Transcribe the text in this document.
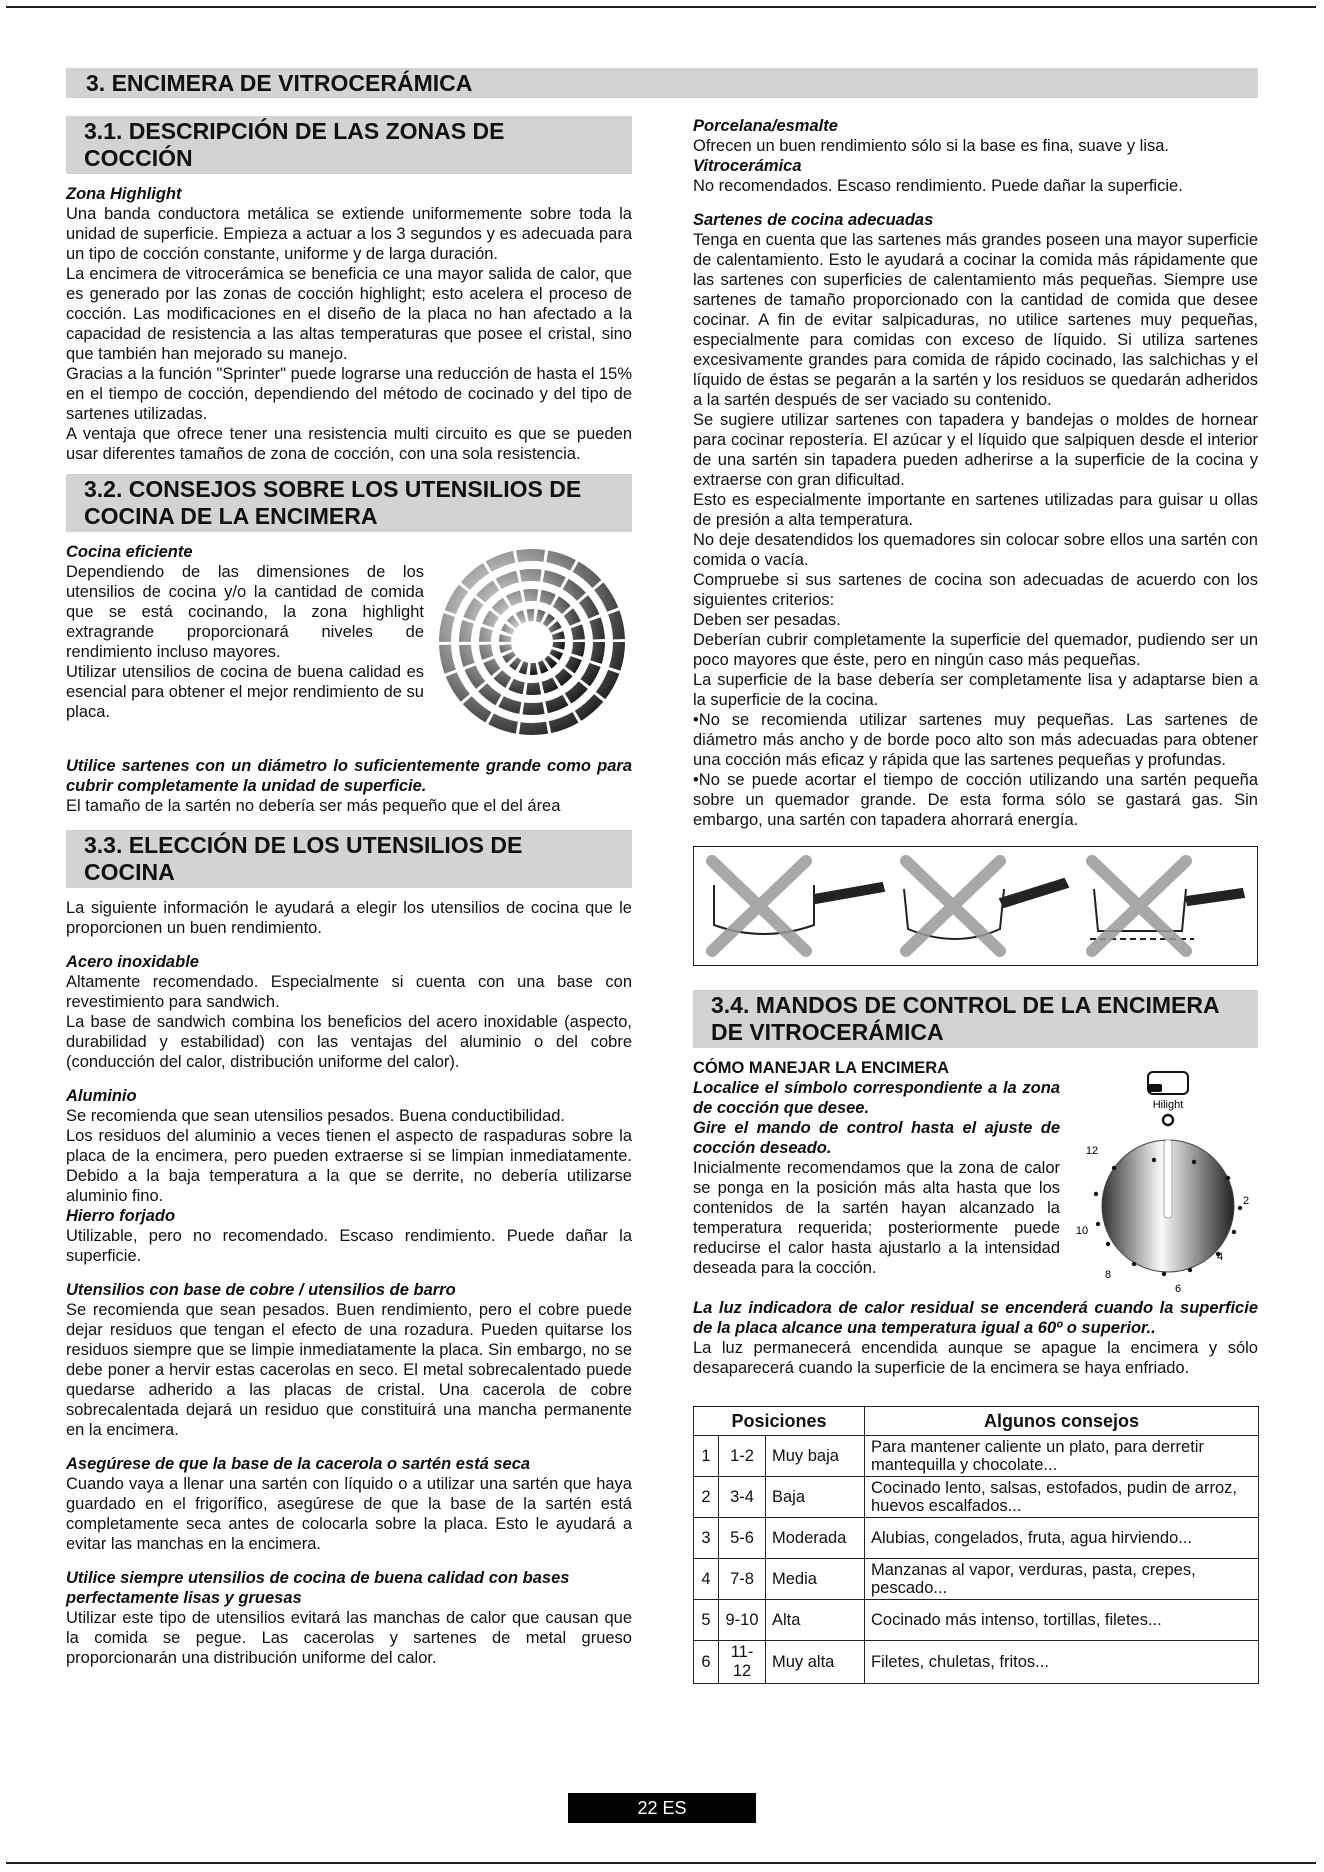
3. ENCIMERA DE VITROCERÁMICA
3.1. DESCRIPCIÓN DE LAS ZONAS DE COCCIÓN

Zona Highlight

Una banda conductora metálica se extiende uniformemente sobre toda la unidad de superficie. Empieza a actuar a los 3 segundos y es adecuada para un tipo de cocción constante, uniforme y de larga duración.

La encimera de vitrocerámica se beneficia ce una mayor salida de calor, que es generado por las zonas de cocción highlight; esto acelera el proceso de cocción. Las modificaciones en el diseño de la placa no han afectado a la capacidad de resistencia a las altas temperaturas que posee el cristal, sino que también han mejorado su manejo.

Gracias a la función "Sprinter" puede lograrse una reducción de hasta el 15% en el tiempo de cocción, dependiendo del método de cocinado y del tipo de sartenes utilizadas.

A ventaja que ofrece tener una resistencia multi circuito es que se pueden usar diferentes tamaños de zona de cocción, con una sola resistencia.

3.2. CONSEJOS SOBRE LOS UTENSILIOS DE COCINA DE LA ENCIMERA

Cocina eficiente

Dependiendo de las dimensiones de los utensilios de cocina y/o la cantidad de comida que se está cocinando, la zona highlight extragrande proporcionará niveles de rendimiento incluso mayores.

Utilizar utensilios de cocina de buena calidad es esencial para obtener el mejor rendimiento de su placa.

Utilice sartenes con un diámetro lo suficientemente grande como para cubrir completamente la unidad de superficie.

El tamaño de la sartén no debería ser más pequeño que el del área

3.3. ELECCIÓN DE LOS UTENSILIOS DE COCINA

La siguiente información le ayudará a elegir los utensilios de cocina que le proporcionen un buen rendimiento.

Acero inoxidable

Altamente recomendado. Especialmente si cuenta con una base con revestimiento para sandwich.

La base de sandwich combina los beneficios del acero inoxidable (aspecto, durabilidad y estabilidad) con las ventajas del aluminio o del cobre (conducción del calor, distribución uniforme del calor).

Aluminio

Se recomienda que sean utensilios pesados. Buena conductibilidad.

Los residuos del aluminio a veces tienen el aspecto de raspaduras sobre la placa de la encimera, pero pueden extraerse si se limpian inmediatamente. Debido a la baja temperatura a la que se derrite, no debería utilizarse aluminio fino.

Hierro forjado

Utilizable, pero no recomendado. Escaso rendimiento. Puede dañar la superficie.

Utensilios con base de cobre / utensilios de barro

Se recomienda que sean pesados. Buen rendimiento, pero el cobre puede dejar residuos que tengan el efecto de una rozadura. Pueden quitarse los residuos siempre que se limpie inmediatamente la placa. Sin embargo, no se debe poner a hervir estas cacerolas en seco. El metal sobrecalentado puede quedarse adherido a las placas de cristal. Una cacerola de cobre sobrecalentada dejará un residuo que constituirá una mancha permanente en la encimera.

Asegúrese de que la base de la cacerola o sartén está seca

Cuando vaya a llenar una sartén con líquido o a utilizar una sartén que haya guardado en el frigorífico, asegúrese de que la base de la sartén está completamente seca antes de colocarla sobre la placa. Esto le ayudará a evitar las manchas en la encimera.

Utilice siempre utensilios de cocina de buena calidad con bases perfectamente lisas y gruesas

Utilizar este tipo de utensilios evitará las manchas de calor que causan que la comida se pegue. Las cacerolas y sartenes de metal grueso proporcionarán una distribución uniforme del calor.

Porcelana/esmalte

Ofrecen un buen rendimiento sólo si la base es fina, suave y lisa.

Vitrocerámica

No recomendados. Escaso rendimiento. Puede dañar la superficie.

Sartenes de cocina adecuadas

Tenga en cuenta que las sartenes más grandes poseen una mayor superficie de calentamiento. Esto le ayudará a cocinar la comida más rápidamente que las sartenes con superficies de calentamiento más pequeñas. Siempre use sartenes de tamaño proporcionado con la cantidad de comida que desee cocinar. A fin de evitar salpicaduras, no utilice sartenes muy pequeñas, especialmente para comidas con exceso de líquido. Si utiliza sartenes excesivamente grandes para comida de rápido cocinado, las salchichas y el líquido de éstas se pegarán a la sartén y los residuos se quedarán adheridos a la sartén después de ser vaciado su contenido.

Se sugiere utilizar sartenes con tapadera y bandejas o moldes de hornear para cocinar repostería. El azúcar y el líquido que salpiquen desde el interior de una sartén sin tapadera pueden adherirse a la superficie de la cocina y extraerse con gran dificultad.

Esto es especialmente importante en sartenes utilizadas para guisar u ollas de presión a alta temperatura.

No deje desatendidos los quemadores sin colocar sobre ellos una sartén con comida o vacía.

Compruebe si sus sartenes de cocina son adecuadas de acuerdo con los siguientes criterios:

Deben ser pesadas.

Deberían cubrir completamente la superficie del quemador, pudiendo ser un poco mayores que éste, pero en ningún caso más pequeñas.

La superficie de la base debería ser completamente lisa y adaptarse bien a la superficie de la cocina.

•No se recomienda utilizar sartenes muy pequeñas. Las sartenes de diámetro más ancho y de borde poco alto son más adecuadas para obtener una cocción más eficaz y rápida que las sartenes pequeñas y profundas.

•No se puede acortar el tiempo de cocción utilizando una sartén pequeña sobre un quemador grande. De esta forma sólo se gastará gas. Sin embargo, una sartén con tapadera ahorrará energía.

3.4. MANDOS DE CONTROL DE LA ENCIMERA DE VITROCERÁMICA
Hilight
12
2
4
6
8
10

CÓMO MANEJAR LA ENCIMERA

Localice el símbolo correspondiente a la zona de cocción que desee.

Gire el mando de control hasta el ajuste de cocción deseado.

Inicialmente recomendamos que la zona de calor se ponga en la posición más alta hasta que los contenidos de la sartén hayan alcanzado la temperatura requerida; posteriormente puede reducirse el calor hasta ajustarlo a la intensidad deseada para la cocción.

La luz indicadora de calor residual se encenderá cuando la superficie de la placa alcance una temperatura igual a 60º o superior..

La luz permanecerá encendida aunque se apague la encimera y sólo desaparecerá cuando la superficie de la encimera se haya enfriado.

Posiciones			Algunos consejos
1	1-2	Muy baja	Para mantener caliente un plato, para derretir mantequilla y chocolate...
2	3-4	Baja	Cocinado lento, salsas, estofados, pudin de arroz, huevos escalfados...
3	5-6	Moderada	Alubias, congelados, fruta, agua hirviendo...
4	7-8	Media	Manzanas al vapor, verduras, pasta, crepes, pescado...
5	9-10	Alta	Cocinado más intenso, tortillas, filetes...
6	11-12	Muy alta	Filetes, chuletas, fritos...
22 ES
